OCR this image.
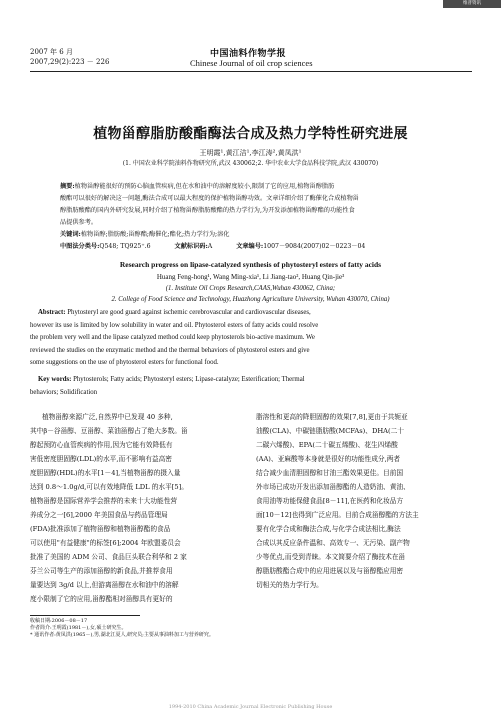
维普资讯 http://www.cqvip.com
2007 年 6 月
2007,29(2):223 － 226
中国油料作物学报
Chinese Journal of oil crop sciences
植物甾醇脂肪酸酯酶法合成及热力学特性研究进展
王明霞¹,黄江洁¹,李江涛²,黄凤洪¹
(1. 中国农业科学院油料作物研究所,武汉 430062;2. 华中农业大学食品科技学院,武汉 430070)
摘要:植物甾醇能很好的预防心脑血管疾病,但在水和油中的溶解度较小,限制了它的应用,植物甾醇脂肪
酸酯可以很好的解决这一问题,酶法合成可以最大程度的保护植物甾醇功效。文章详细介绍了酶催化合成植物甾
醇脂肪酸酯的国内外研究发展,同时介绍了植物甾醇脂肪酸酯的热力学行为,为开发添加植物甾醇酯的功能性食
品提供参考。
关键词:植物甾醇;脂肪酸;甾醇酯;酶催化;酯化;热力学行为;溶化
中图法分类号:Q548; TQ925⁺.6	文献标识码:A	文章编号:1007－9084(2007)02－0223－04
Research progress on lipase-catalyzed synthesis of phytosteryl esters of fatty acids
Huang Feng-hong¹, Wang Ming-xia¹, Li Jiang-tao², Huang Qin-jie³
(1. Institute Oil Crops Research,CAAS,Wuhan 430062, China;
2. College of Food Science and Technology, Huazhong Agriculture University, Wuhan 430070, China)
Abstract: Phytosteryl are good guard against ischemic cerebrovascular and cardiovascular diseases,
however its use is limited by low solubility in water and oil. Phytosterol esters of fatty acids could resolve
the problem very well and the lipase catalyzed method could keep phytosterols bio-active maximum. We
reviewed the studies on the enzymatic method and the thermal behaviors of phytosterol esters and give
some suggestions on the use of phytosterol esters for functional food.
Key words: Phytosterols; Fatty acids; Phytosteryl esters; Lipase-catalyze; Esterification; Thermal
behaviors; Solidification
植物甾醇来源广泛,自然界中已发现 40 多种,
其中β－谷甾醇、豆甾醇、菜油甾醇占了绝大多数。甾
醇起预防心血管疾病的作用,因为它能有效降低有
害低密度胆固醇(LDL)的水平,而不影响有益高密
度胆固醇(HDL)的水平[1－4],当植物甾醇的摄入量
达到 0.8～1.0g/d,可以有效地降低 LDL 的水平[5]。
植物甾醇是国际营养学会推荐的未来十大功能性营
养成分之一[6],2000 年美国食品与药品管理局
(FDA)批准添加了植物甾醇和植物甾醇酯的食品
可以使用"有益健康"的标签[6];2004 年欧盟委员会
批准了美国的 ADM 公司、食品巨头联合利华和 2 家
芬兰公司等生产的添加甾醇的新食品,并推荐食用
量要达到 3g/d 以上,但游离甾醇在水和油中的溶解
度小限制了它的应用,甾醇酯相对甾醇具有更好的
脂溶性和更高的降胆固醇的效果[7,8],更由于共轭亚
油酸(CLA)、中碳链脂肪酸(MCFAs)、DHA(二十
二碳六烯酸)、EPA(二十碳五烯酸)、花生四烯酸
(AA)、亚麻酸等本身就是很好的功能性成分,两者
结合减少血清胆固醇和甘油三酯效果更佳。目前国
外市场已成功开发出添加甾醇酯的人造奶油、黄油、
食用油等功能保健食品[8－11],在医药和化妆品方
面[10－12]也得到广泛应用。目前合成甾醇酯的方法主
要有化学合成和酶法合成,与化学合成法相比,酶法
合成以其反应条件温和、高效专一、无污染、副产物
少等优点,而受到青睐。本文简要介绍了酶技术在甾
醇脂肪酸酯合成中的应用进展以及与甾醇酯应用密
切相关的热力学行为。
收稿日期:2006－08－17
作者简介:王明霞(1981－),女,硕士研究生。
* 通讯作者:黄凤洪(1965－),男,湖北江夏人,研究员;主要从事油料加工与营养研究。
1994-2010 China Academic Journal Electronic Publishing House
